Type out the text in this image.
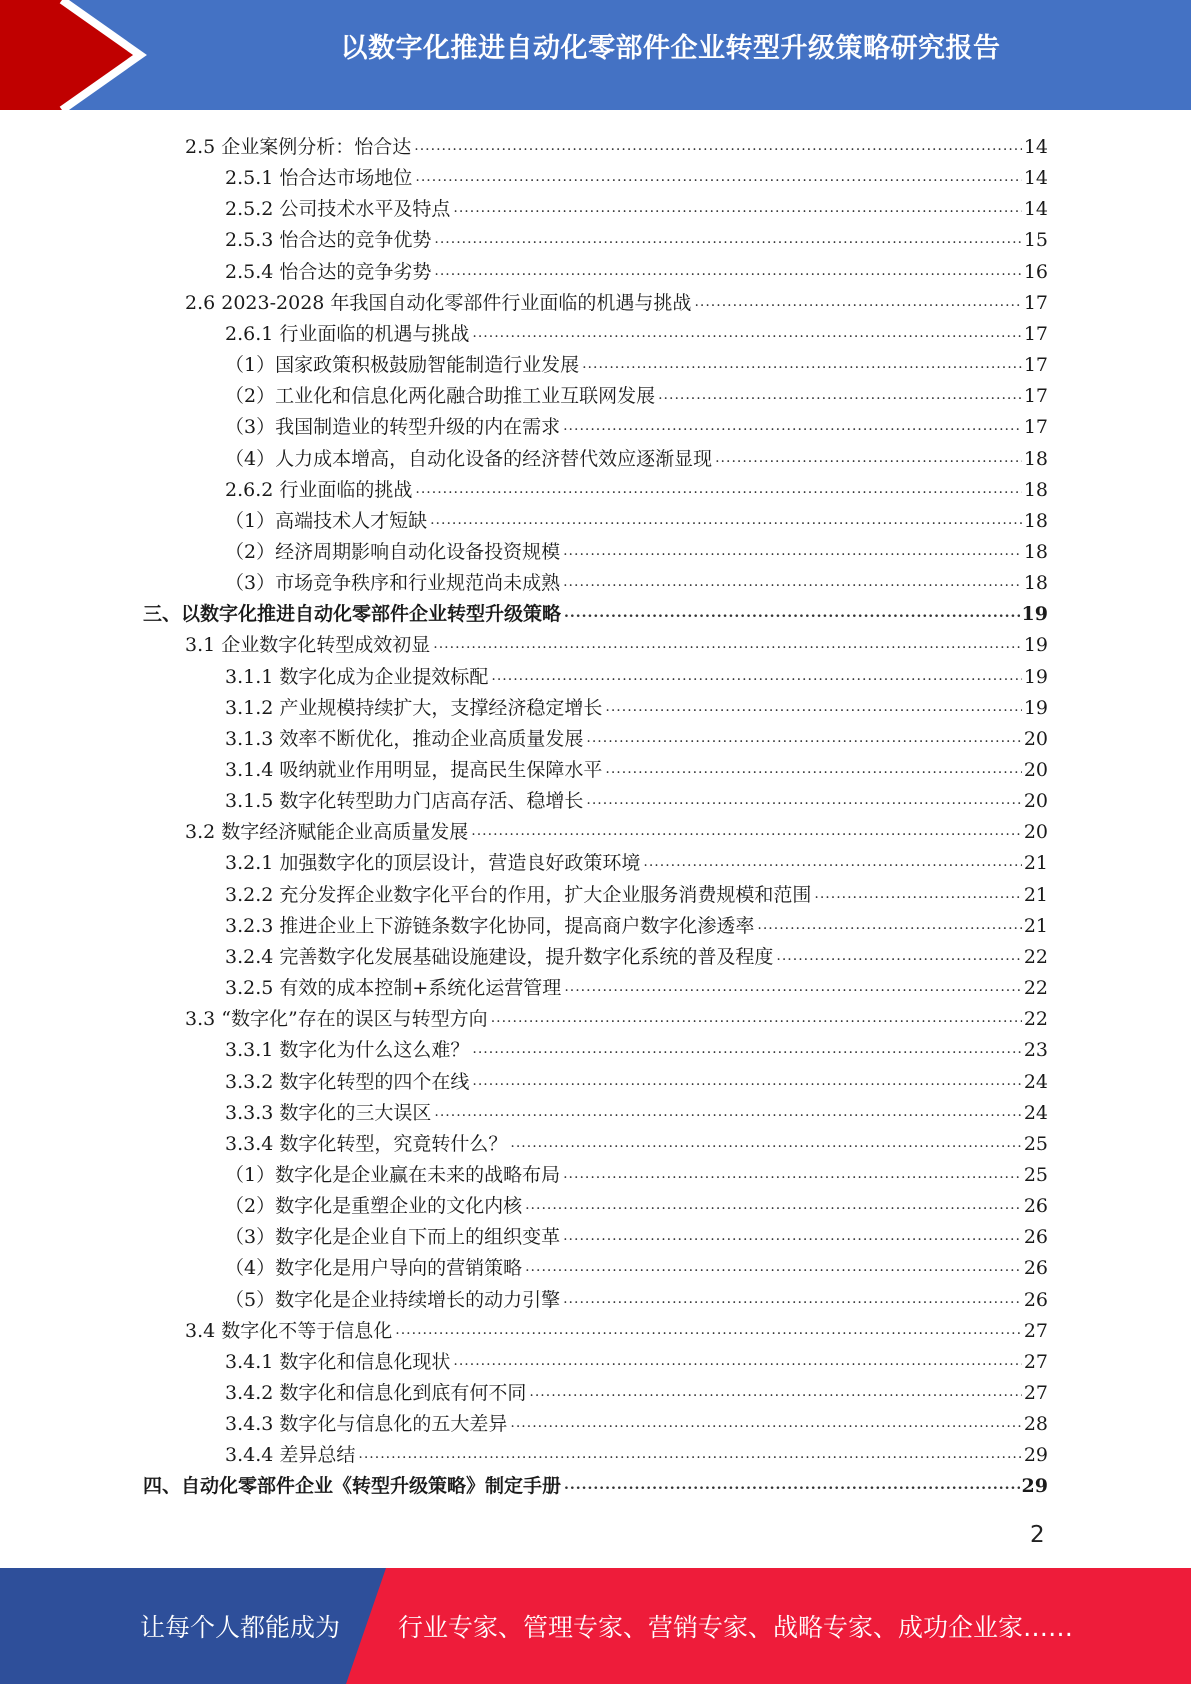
以数字化推进自动化零部件企业转型升级策略研究报告
2.5 企业案例分析：怡合达 .....	14
2.5.1 怡合达市场地位 .....	14
2.5.2 公司技术水平及特点 .....	14
2.5.3 怡合达的竞争优势 .....	15
2.5.4 怡合达的竞争劣势 .....	16
2.6 2023-2028 年我国自动化零部件行业面临的机遇与挑战 .....	17
2.6.1 行业面临的机遇与挑战 .....	17
（1）国家政策积极鼓励智能制造行业发展 .....	17
（2）工业化和信息化两化融合助推工业互联网发展 .....	17
（3）我国制造业的转型升级的内在需求 .....	17
（4）人力成本增高，自动化设备的经济替代效应逐渐显现 .....	18
2.6.2 行业面临的挑战 .....	18
（1）高端技术人才短缺 .....	18
（2）经济周期影响自动化设备投资规模 .....	18
（3）市场竞争秩序和行业规范尚未成熟 .....	18
三、以数字化推进自动化零部件企业转型升级策略 .....	19
3.1 企业数字化转型成效初显 .....	19
3.1.1 数字化成为企业提效标配 .....	19
3.1.2 产业规模持续扩大，支撑经济稳定增长 .....	19
3.1.3 效率不断优化，推动企业高质量发展 .....	20
3.1.4 吸纳就业作用明显，提高民生保障水平 .....	20
3.1.5 数字化转型助力门店高存活、稳增长 .....	20
3.2 数字经济赋能企业高质量发展 .....	20
3.2.1 加强数字化的顶层设计，营造良好政策环境 .....	21
3.2.2 充分发挥企业数字化平台的作用，扩大企业服务消费规模和范围 .....	21
3.2.3 推进企业上下游链条数字化协同，提高商户数字化渗透率 .....	21
3.2.4 完善数字化发展基础设施建设，提升数字化系统的普及程度 .....	22
3.2.5 有效的成本控制+系统化运营管理 .....	22
3.3 “数字化”存在的误区与转型方向 .....	22
3.3.1 数字化为什么这么难？ .....	23
3.3.2 数字化转型的四个在线 .....	24
3.3.3 数字化的三大误区 .....	24
3.3.4 数字化转型，究竟转什么？ .....	25
（1）数字化是企业赢在未来的战略布局 .....	25
（2）数字化是重塑企业的文化内核 .....	26
（3）数字化是企业自下而上的组织变革 .....	26
（4）数字化是用户导向的营销策略 .....	26
（5）数字化是企业持续增长的动力引擎 .....	26
3.4 数字化不等于信息化 .....	27
3.4.1 数字化和信息化现状 .....	27
3.4.2 数字化和信息化到底有何不同 .....	27
3.4.3 数字化与信息化的五大差异 .....	28
3.4.4 差异总结 .....	29
四、自动化零部件企业《转型升级策略》制定手册 .....	29
2
让每个人都能成为 行业专家、管理专家、营销专家、战略专家、成功企业家……
